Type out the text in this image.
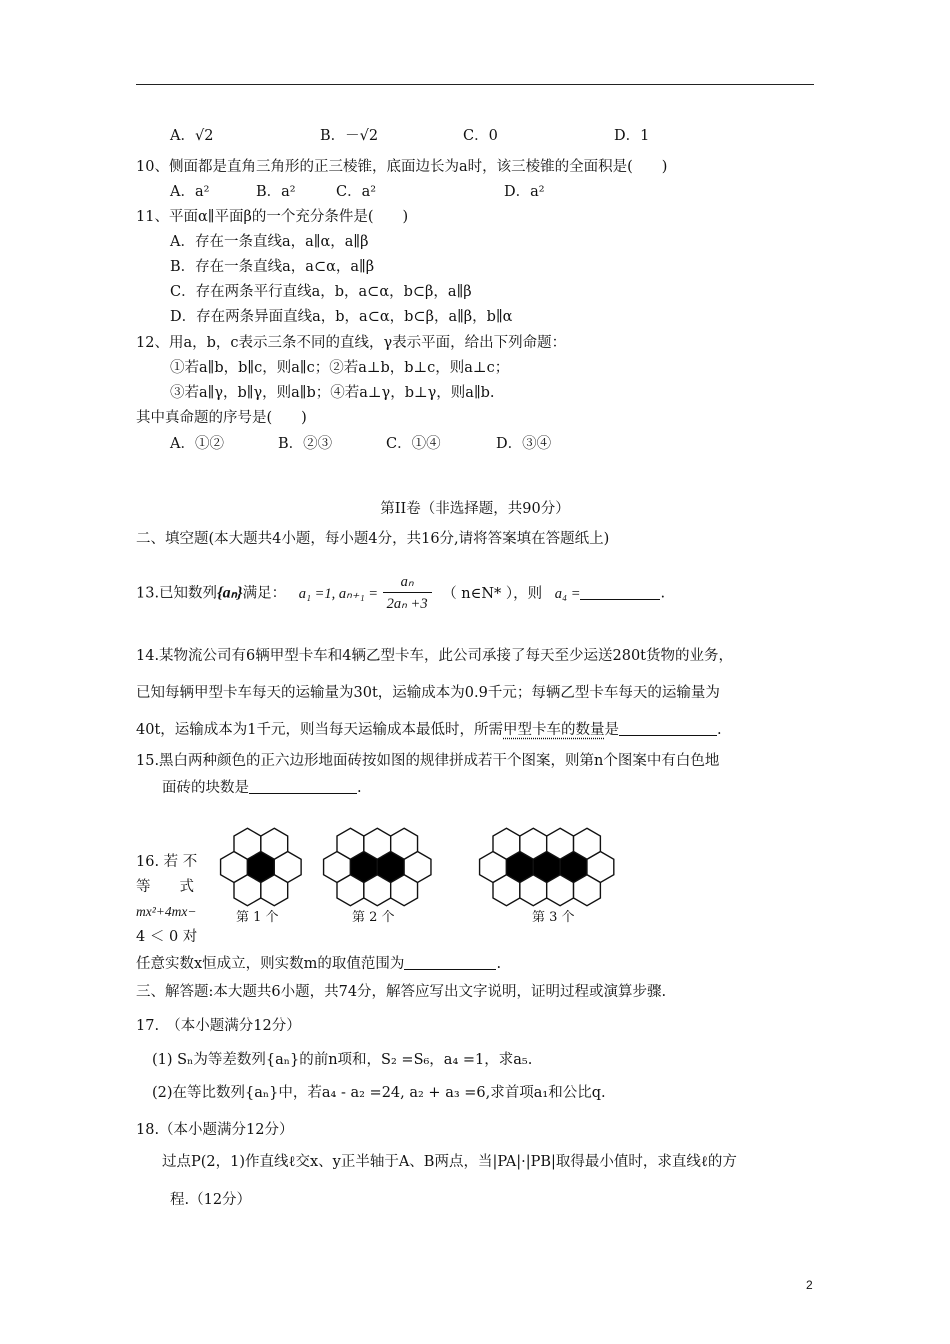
A．√2	B．－√2	C．0	D．1
10、侧面都是直角三角形的正三棱锥，底面边长为a时，该三棱锥的全面积是(　　)
A．a²	B．a²	C．a²	D．a²
11、平面α∥平面β的一个充分条件是(　　)
A．存在一条直线a，a∥α，a∥β
B．存在一条直线a，a⊂α，a∥β
C．存在两条平行直线a，b，a⊂α，b⊂β，a∥β
D．存在两条异面直线a，b，a⊂α，b⊂β，a∥β，b∥α
12、用a，b，c表示三条不同的直线，γ表示平面，给出下列命题：
①若a∥b，b∥c，则a∥c；②若a⊥b，b⊥c，则a⊥c；
③若a∥γ，b∥γ，则a∥b；④若a⊥γ，b⊥γ，则a∥b.
其中真命题的序号是(　　)
A．①②	B．②③	C．①④	D．③④
第II卷（非选择题，共90分）
二、填空题(本大题共4小题，每小题4分，共16分,请将答案填在答题纸上)
13.已知数列{aₙ}满足： a₁ =1, $a_{n+1} = \frac{\text{aₙ}}{\text{2aₙ +3}}$ （ n∈N* ），则 a₄ =	.
14.某物流公司有6辆甲型卡车和4辆乙型卡车，此公司承接了每天至少运送280t货物的业务，
已知每辆甲型卡车每天的运输量为30t，运输成本为0.9千元；每辆乙型卡车每天的运输量为
40t，运输成本为1千元，则当每天运输成本最低时，所需甲型卡车的数量是	.
15.黑白两种颜色的正六边形地面砖按如图的规律拼成若干个图案，则第n个图案中有白色地
面砖的块数是	.
16. 若 不
等　　式
mx²+4mx−
4 ＜ 0 对
任意实数x恒成立，则实数m的取值范围为	.
第 1 个	第 2 个	第 3 个
三、解答题:本大题共6小题，共74分，解答应写出文字说明，证明过程或演算步骤.
17.　（本小题满分12分）
(1) Sₙ为等差数列{aₙ}的前n项和，S₂ =S₆，a₄ =1，求a₅.
(2)在等比数列{aₙ}中，若a₄ - a₂ =24, a₂ + a₃ =6,求首项a₁和公比q.
18.（本小题满分12分）
过点P(2，1)作直线ℓ交x、y正半轴于A、B两点，当|PA|·|PB|取得最小值时，求直线ℓ的方
程.（12分）
2
